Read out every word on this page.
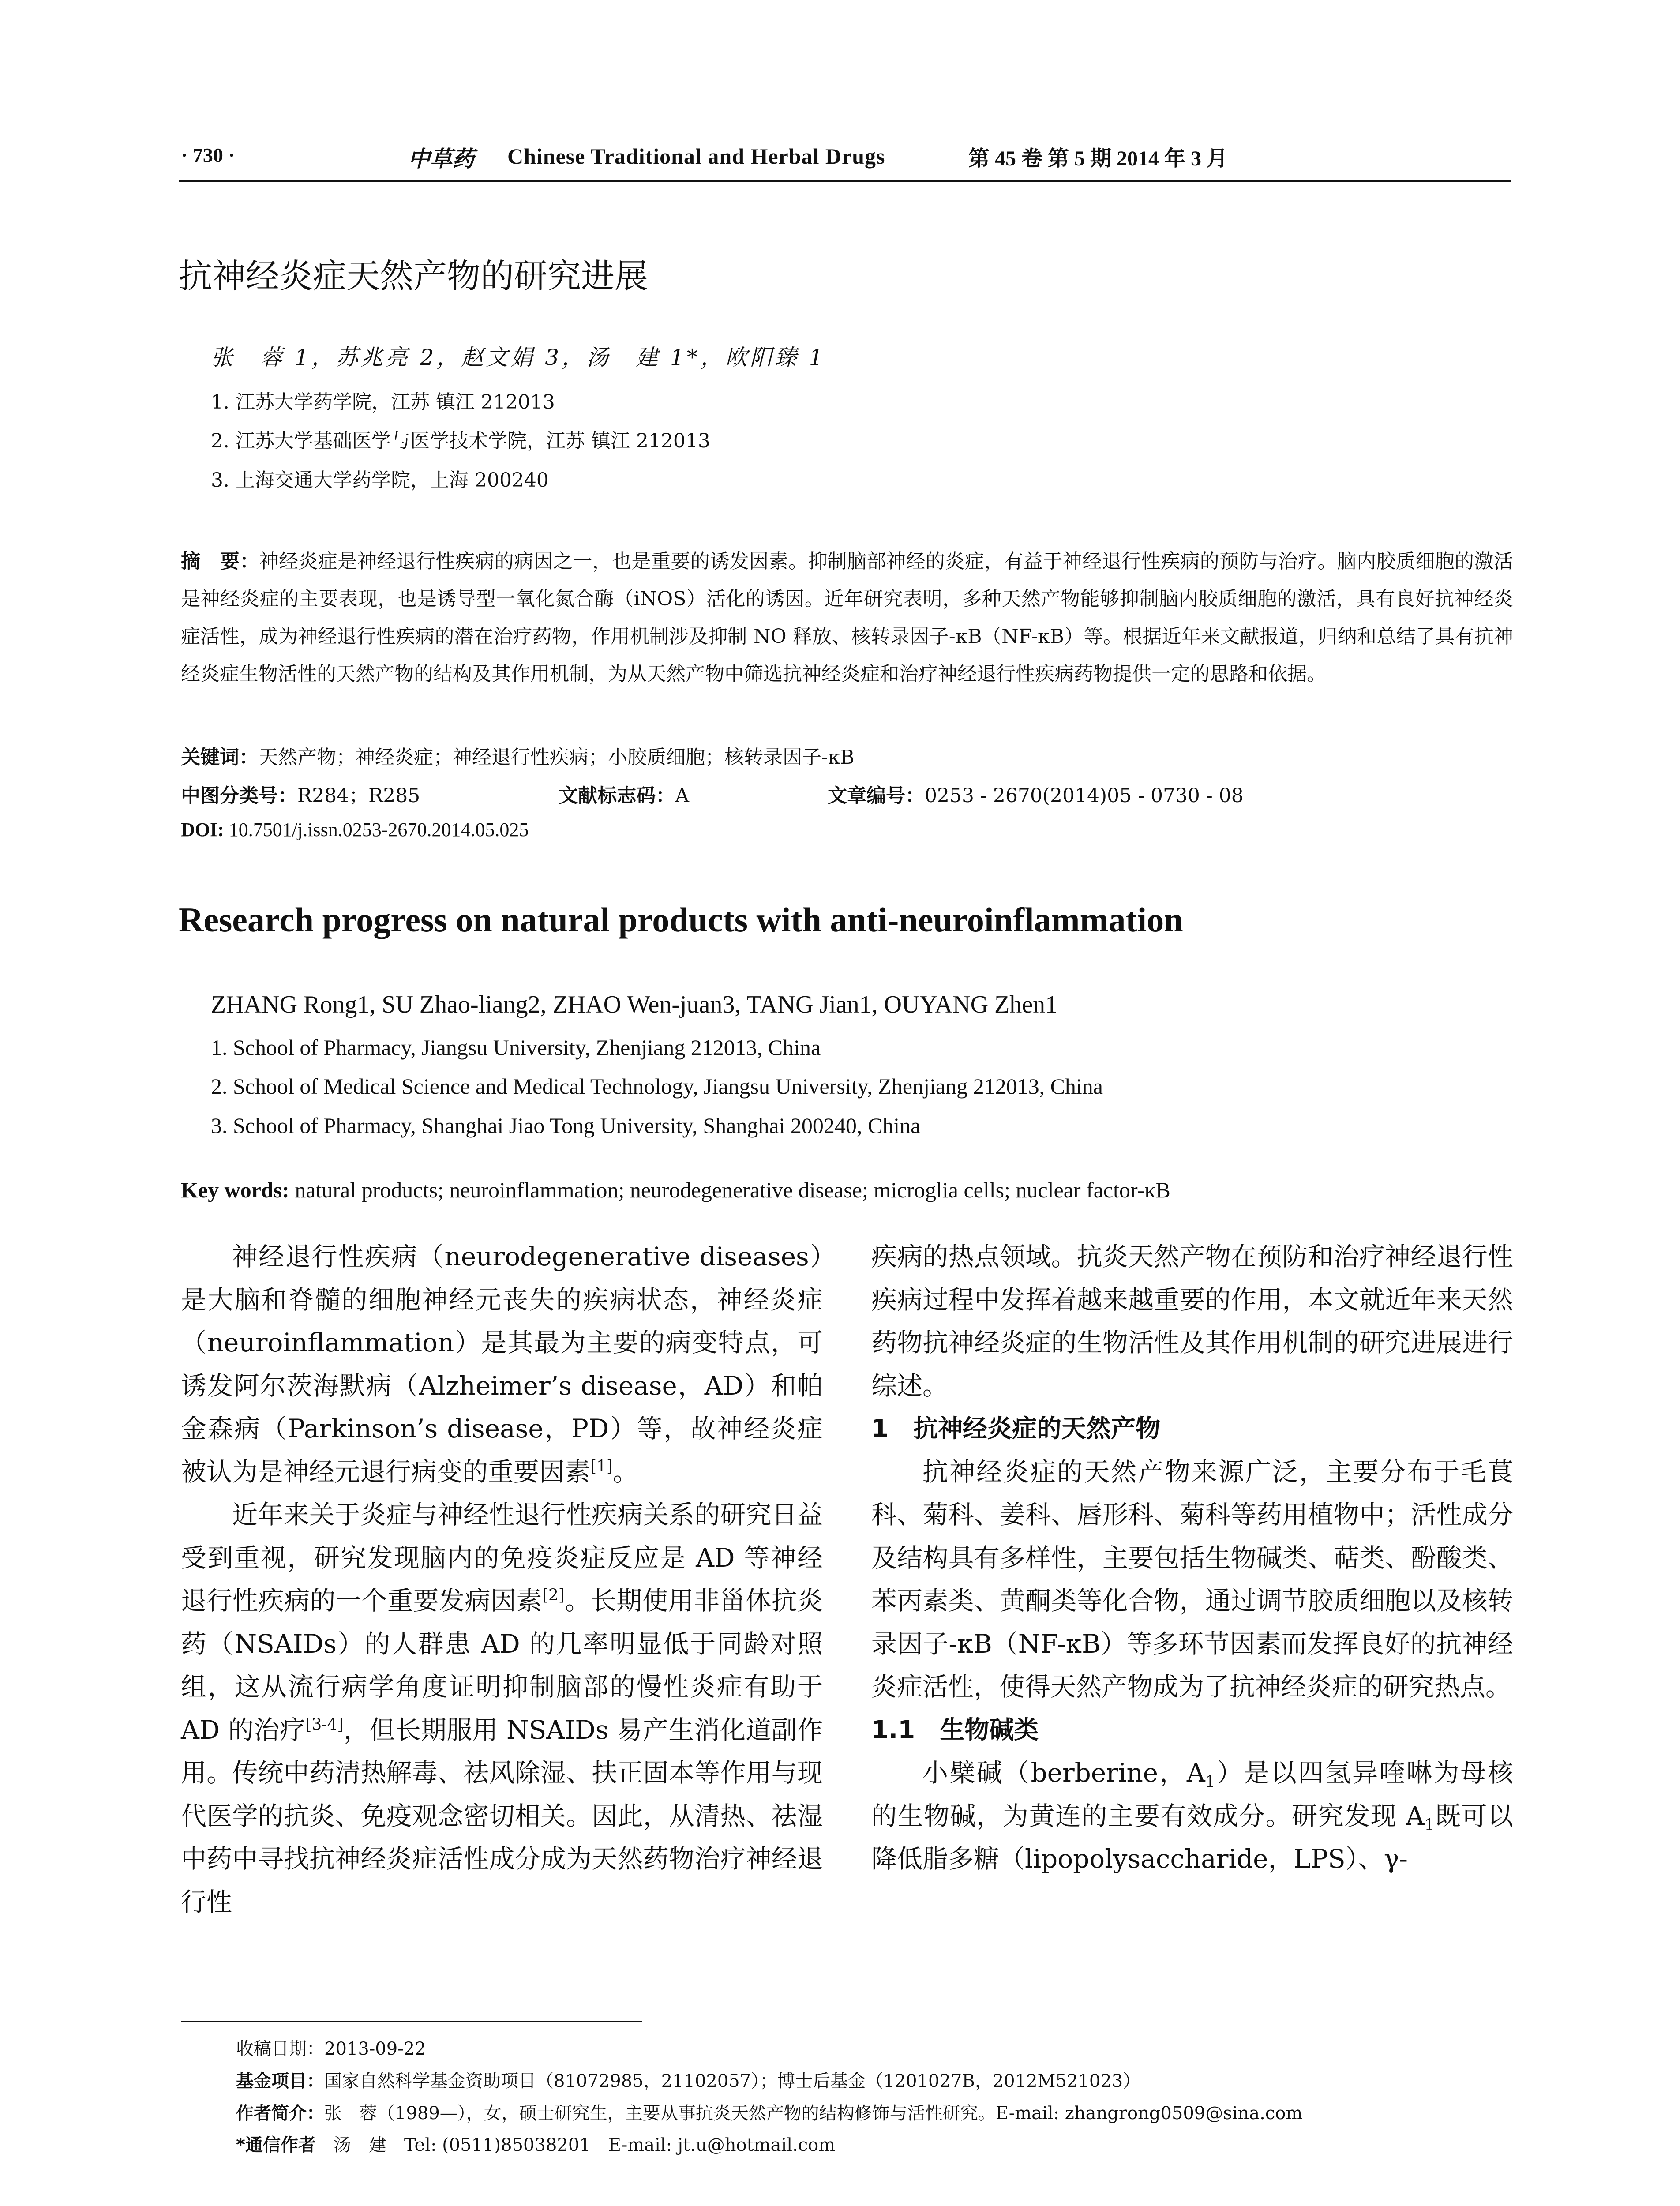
· 730 ·	中草药 Chinese Traditional and Herbal Drugs	第 45 卷 第 5 期 2014 年 3 月
抗神经炎症天然产物的研究进展
张　蓉 1，苏兆亮 2，赵文娟 3，汤　建 1*，欧阳臻 1
1. 江苏大学药学院，江苏 镇江 212013
2. 江苏大学基础医学与医学技术学院，江苏 镇江 212013
3. 上海交通大学药学院，上海 200240
摘　要：神经炎症是神经退行性疾病的病因之一，也是重要的诱发因素。抑制脑部神经的炎症，有益于神经退行性疾病的预防与治疗。脑内胶质细胞的激活是神经炎症的主要表现，也是诱导型一氧化氮合酶（iNOS）活化的诱因。近年研究表明，多种天然产物能够抑制脑内胶质细胞的激活，具有良好抗神经炎症活性，成为神经退行性疾病的潜在治疗药物，作用机制涉及抑制 NO 释放、核转录因子-κB（NF-κB）等。根据近年来文献报道，归纳和总结了具有抗神经炎症生物活性的天然产物的结构及其作用机制，为从天然产物中筛选抗神经炎症和治疗神经退行性疾病药物提供一定的思路和依据。
关键词：天然产物；神经炎症；神经退行性疾病；小胶质细胞；核转录因子-κB
中图分类号：R284；R285	文献标志码：A	文章编号：0253 - 2670(2014)05 - 0730 - 08
DOI: 10.7501/j.issn.0253-2670.2014.05.025
Research progress on natural products with anti-neuroinflammation
ZHANG Rong1, SU Zhao-liang2, ZHAO Wen-juan3, TANG Jian1, OUYANG Zhen1
1. School of Pharmacy, Jiangsu University, Zhenjiang 212013, China
2. School of Medical Science and Medical Technology, Jiangsu University, Zhenjiang 212013, China
3. School of Pharmacy, Shanghai Jiao Tong University, Shanghai 200240, China
Key words: natural products; neuroinflammation; neurodegenerative disease; microglia cells; nuclear factor-κB

神经退行性疾病（neurodegenerative diseases）是大脑和脊髓的细胞神经元丧失的疾病状态，神经炎症（neuroinflammation）是其最为主要的病变特点，可诱发阿尔茨海默病（Alzheimer’s disease，AD）和帕金森病（Parkinson’s disease，PD）等，故神经炎症被认为是神经元退行病变的重要因素[1]。

近年来关于炎症与神经性退行性疾病关系的研究日益受到重视，研究发现脑内的免疫炎症反应是 AD 等神经退行性疾病的一个重要发病因素[2]。长期使用非甾体抗炎药（NSAIDs）的人群患 AD 的几率明显低于同龄对照组，这从流行病学角度证明抑制脑部的慢性炎症有助于 AD 的治疗[3-4]，但长期服用 NSAIDs 易产生消化道副作用。传统中药清热解毒、祛风除湿、扶正固本等作用与现代医学的抗炎、免疫观念密切相关。因此，从清热、祛湿中药中寻找抗神经炎症活性成分成为天然药物治疗神经退行性

疾病的热点领域。抗炎天然产物在预防和治疗神经退行性疾病过程中发挥着越来越重要的作用，本文就近年来天然药物抗神经炎症的生物活性及其作用机制的研究进展进行综述。

1　抗神经炎症的天然产物

抗神经炎症的天然产物来源广泛，主要分布于毛茛科、菊科、姜科、唇形科、菊科等药用植物中；活性成分及结构具有多样性，主要包括生物碱类、萜类、酚酸类、苯丙素类、黄酮类等化合物，通过调节胶质细胞以及核转录因子-κB（NF-κB）等多环节因素而发挥良好的抗神经炎症活性，使得天然产物成为了抗神经炎症的研究热点。

1.1　生物碱类

小檗碱（berberine，$A_1$）是以四氢异喹啉为母核的生物碱，为黄连的主要有效成分。研究发现 $A_1$既可以降低脂多糖（lipopolysaccharide，LPS）、γ-

收稿日期：2013-09-22
基金项目：国家自然科学基金资助项目（81072985，21102057）；博士后基金（1201027B，2012M521023）
作者简介：张　蓉（1989—），女，硕士研究生，主要从事抗炎天然产物的结构修饰与活性研究。E-mail: zhangrong0509@sina.com
*通信作者　汤　建　Tel: (0511)85038201　E-mail: jt.u@hotmail.com
